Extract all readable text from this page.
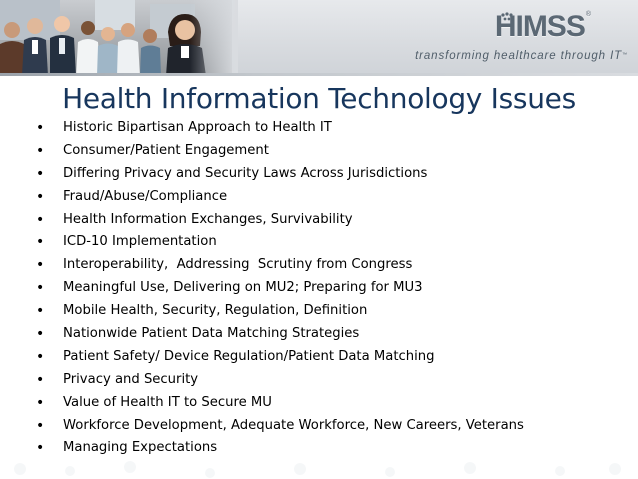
HIMSS®
transforming healthcare through IT™
Health Information Technology Issues
• Historic Bipartisan Approach to Health IT
• Consumer/Patient Engagement
• Differing Privacy and Security Laws Across Jurisdictions
• Fraud/Abuse/Compliance
• Health Information Exchanges, Survivability
• ICD-10 Implementation
• Interoperability,  Addressing  Scrutiny from Congress
• Meaningful Use, Delivering on MU2; Preparing for MU3
• Mobile Health, Security, Regulation, Definition
• Nationwide Patient Data Matching Strategies
• Patient Safety/ Device Regulation/Patient Data Matching
• Privacy and Security
• Value of Health IT to Secure MU
• Workforce Development, Adequate Workforce, New Careers, Veterans
• Managing Expectations
